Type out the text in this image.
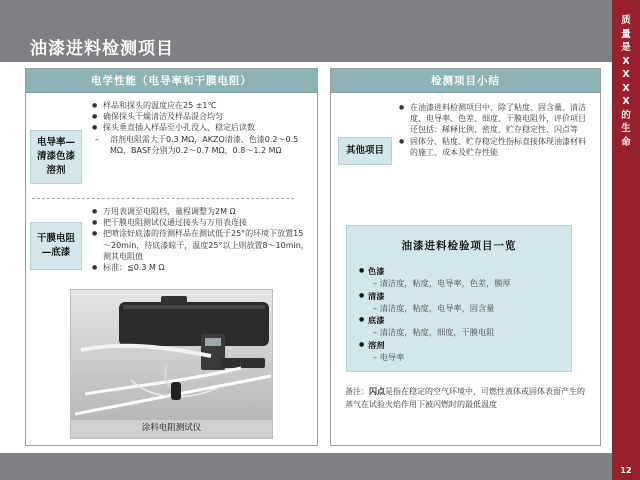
油漆进料检测项目
质
量
是
X
X
X
X
的
生
命
12
电学性能（电导率和干膜电阻）
电导率—
清漆色漆
溶剂
● 样品和探头的温度应在25 ±1℃
● 确保探头干燥清洁及样品混合均匀
● 探头垂直插入样品至小孔没入，稳定后读数
– 溶剂电阻需大于0.3 MΩ，AKZO清漆、色漆0.2～0.5 MΩ，BASF分别为0.2～0.7 MΩ，0.8～1.2 MΩ
干膜电阻
—底漆
● 万用表调至电阻档，量程调整为2M Ω
● 把干膜电阻测试仪通过接头与万用表连接
● 把喷涂好底漆的待测样品在测试低于25°的环境下放置15～20min，待底漆晾干，温度25°以上则放置8～10min，测其电阻值
● 标准：≦0.3 M Ω
涂料电阻测试仪
检测项目小结
其他项目
● 在油漆进料检测项目中，除了粘度、固含量、清洁度、电导率、色差、细度、干膜电阻外，评价项目还包括：稀释比例、密度、贮存稳定性、闪点等
● 固体分、粘度、贮存稳定性指标直接体现油漆材料的施工、成本及贮存性能
油漆进料检验项目一览
● 色漆
– 清洁度，粘度，电导率，色差，膜厚
● 清漆
– 清洁度，粘度，电导率，固含量
● 底漆
– 清洁度，粘度，细度，干膜电阻
● 溶剂
– 电导率
备注：闪点是指在稳定的空气环境中，可燃性液体或固体表面产生的蒸气在试验火焰作用下被闪燃时的最低温度
